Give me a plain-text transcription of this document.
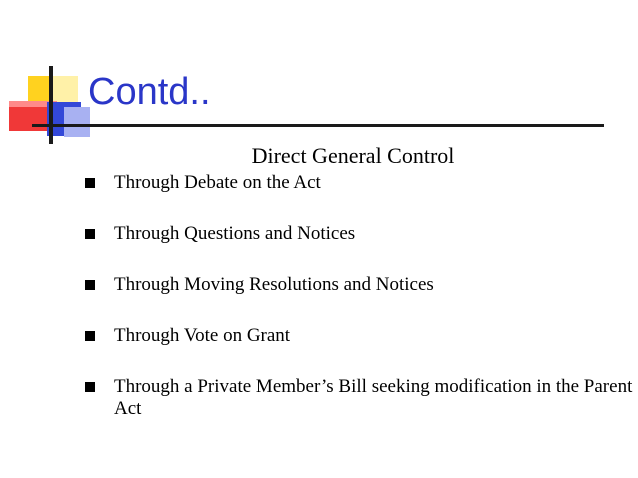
Contd..
Direct General Control
Through Debate on the Act
Through Questions and Notices
Through Moving Resolutions and Notices
Through Vote on Grant
Through a Private Member’s Bill seeking modification in the Parent Act
